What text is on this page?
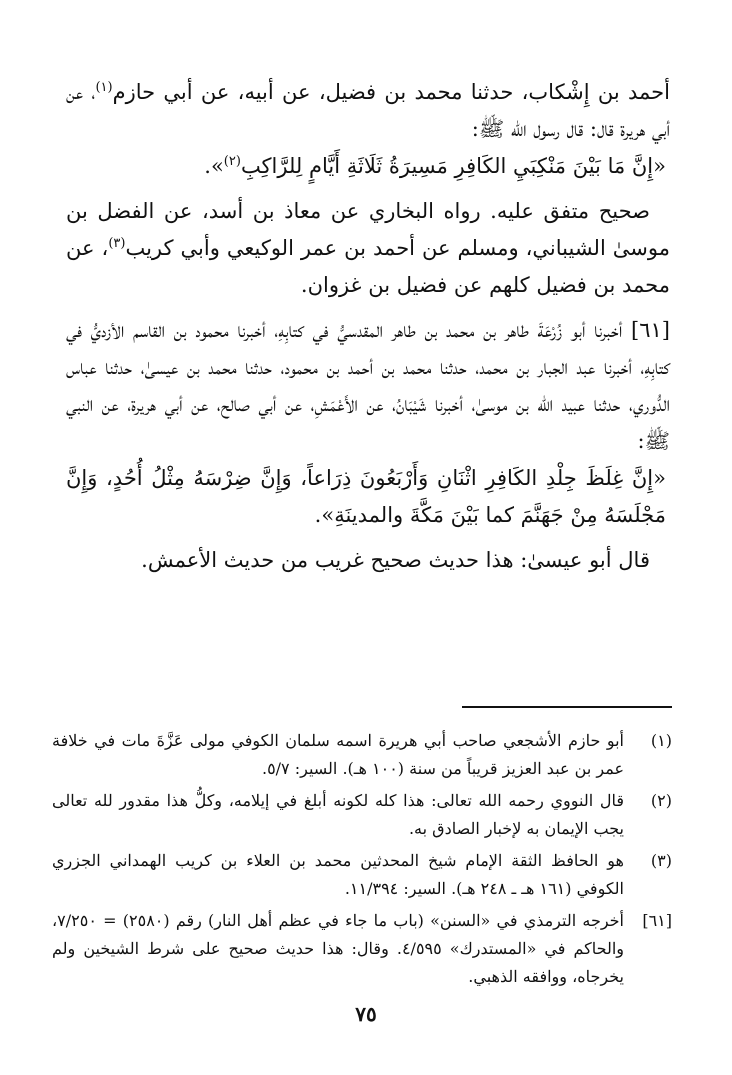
أحمد بن إِشْكاب، حدثنا محمد بن فضيل، عن أبيه، عن أبي حازم$^{(١)}$، عن أبي هريرة قال: قال رسول الله ﷺ:

«إِنَّ مَا بَيْنَ مَنْكِبَيِ الكَافِرِ مَسِيرَةُ ثَلَاثَةِ أَيَّامٍ لِلرَّاكِبِ$^{(٢)}$».

صحيح متفق عليه. رواه البخاري عن معاذ بن أسد، عن الفضل بن موسىٰ الشيباني، ومسلم عن أحمد بن عمر الوكيعي وأبي كريب$^{(٣)}$، عن محمد بن فضيل كلهم عن فضيل بن غزوان.

[٦١] أخبرنا أبو زُرْعَةَ طاهر بن محمد بن طاهر المقدسيُّ في كتابِهِ، أخبرنا محمود بن القاسم الأزديُّ في كتابِهِ، أخبرنا عبد الجبار بن محمد، حدثنا محمد بن أحمد بن محمود، حدثنا محمد بن عيسىٰ، حدثنا عباس الدُّوري، حدثنا عبيد الله بن موسىٰ، أخبرنا شَيْبَانُ، عن الأَعْمَشِ، عن أبي صالح، عن أبي هريرة، عن النبي ﷺ:

«إِنَّ غِلَظَ جِلْدِ الكَافِرِ اثْنَانِ وَأَرْبَعُونَ ذِرَاعاً، وَإِنَّ ضِرْسَهُ مِثْلُ أُحُدٍ، وَإِنَّ مَجْلَسَهُ مِنْ جَهَنَّمَ كما بَيْنَ مَكَّةَ والمدينَةِ».

قال أبو عيسىٰ: هذا حديث صحيح غريب من حديث الأعمش.

(١)
أبو حازم الأشجعي صاحب أبي هريرة اسمه سلمان الكوفي مولى عَزَّةَ مات في خلافة عمر بن عبد العزيز قريباً من سنة (١٠٠ هـ). السير: ٥/٧.
(٢)
قال النووي رحمه الله تعالى: هذا كله لكونه أبلغ في إيلامه، وكلُّ هذا مقدور لله تعالى يجب الإيمان به لإخبار الصادق به.
(٣)
هو الحافظ الثقة الإمام شيخ المحدثين محمد بن العلاء بن كريب الهمداني الجزري الكوفي (١٦١ هـ ـ ٢٤٨ هـ). السير: ١١/٣٩٤.
[٦١]
أخرجه الترمذي في «السنن» (باب ما جاء في عظم أهل النار) رقم (٢٥٨٠) = ٧/٢٥٠، والحاكم في «المستدرك» ٤/٥٩٥. وقال: هذا حديث صحيح على شرط الشيخين ولم يخرجاه، ووافقه الذهبي.
٧٥
